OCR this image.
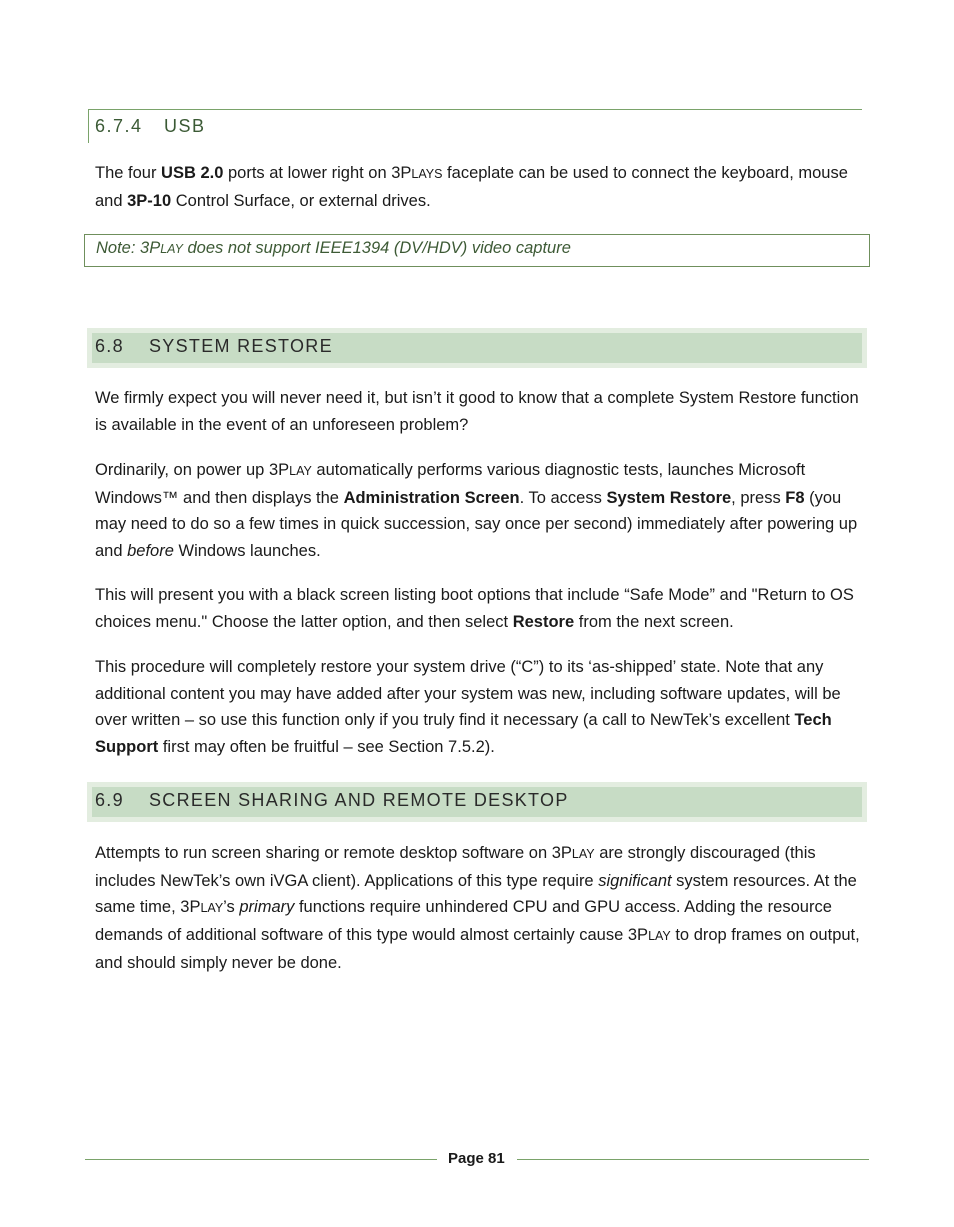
6.7.4 USB
The four USB 2.0 ports at lower right on 3PLAYS faceplate can be used to connect the keyboard, mouse and 3P-10 Control Surface, or external drives.
Note: 3PLAY does not support IEEE1394 (DV/HDV) video capture
6.8 SYSTEM RESTORE
We firmly expect you will never need it, but isn’t it good to know that a complete System Restore function is available in the event of an unforeseen problem?
Ordinarily, on power up 3PLAY automatically performs various diagnostic tests, launches Microsoft Windows™ and then displays the Administration Screen. To access System Restore, press F8 (you may need to do so a few times in quick succession, say once per second) immediately after powering up and before Windows launches.
This will present you with a black screen listing boot options that include “Safe Mode” and "Return to OS choices menu." Choose the latter option, and then select Restore from the next screen.
This procedure will completely restore your system drive (“C”) to its ‘as-shipped’ state. Note that any additional content you may have added after your system was new, including software updates, will be over written – so use this function only if you truly find it necessary (a call to NewTek’s excellent Tech Support first may often be fruitful – see Section 7.5.2).
6.9 SCREEN SHARING AND REMOTE DESKTOP
Attempts to run screen sharing or remote desktop software on 3PLAY are strongly discouraged (this includes NewTek’s own iVGA client). Applications of this type require significant system resources. At the same time, 3PLAY’s primary functions require unhindered CPU and GPU access. Adding the resource demands of additional software of this type would almost certainly cause 3PLAY to drop frames on output, and should simply never be done.
Page 81
